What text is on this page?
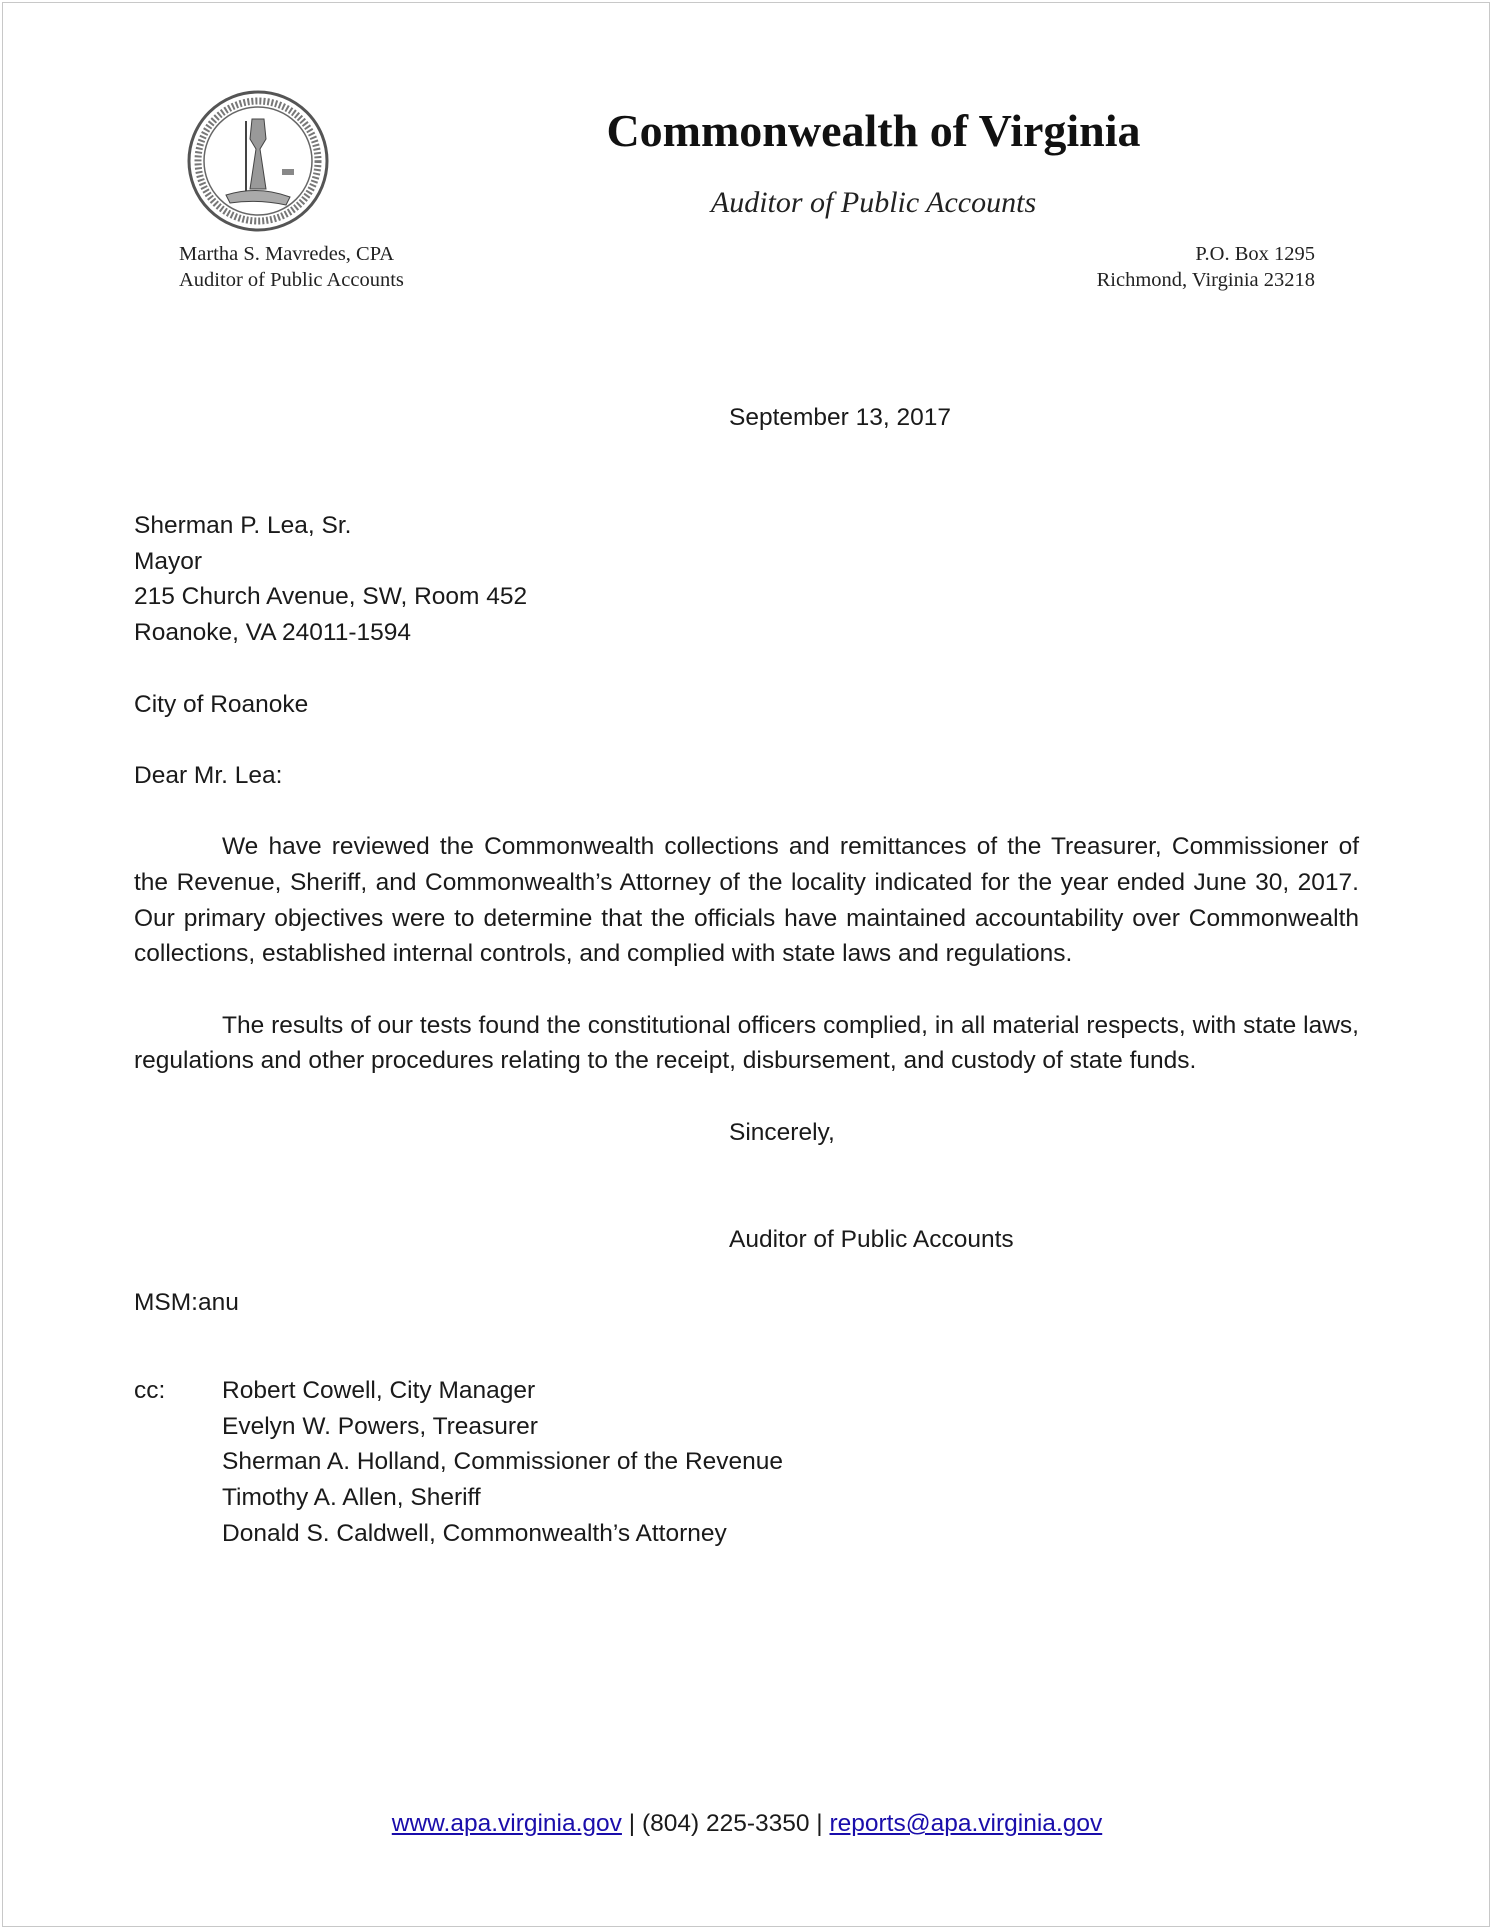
Commonwealth of Virginia
Auditor of Public Accounts
Martha S. Mavredes, CPA
Auditor of Public Accounts
P.O. Box 1295
Richmond, Virginia 23218
September 13, 2017
Sherman P. Lea, Sr.
Mayor
215 Church Avenue, SW, Room 452
Roanoke, VA 24011-1594
City of Roanoke
Dear Mr. Lea:
We have reviewed the Commonwealth collections and remittances of the Treasurer, Commissioner of the Revenue, Sheriff, and Commonwealth’s Attorney of the locality indicated for the year ended June 30, 2017. Our primary objectives were to determine that the officials have maintained accountability over Commonwealth collections, established internal controls, and complied with state laws and regulations.
The results of our tests found the constitutional officers complied, in all material respects, with state laws, regulations and other procedures relating to the receipt, disbursement, and custody of state funds.
Sincerely,
Auditor of Public Accounts
MSM:anu
cc:	Robert Cowell, City Manager
Evelyn W. Powers, Treasurer
Sherman A. Holland, Commissioner of the Revenue
Timothy A. Allen, Sheriff
Donald S. Caldwell, Commonwealth’s Attorney
www.apa.virginia.gov | (804) 225-3350 | reports@apa.virginia.gov
